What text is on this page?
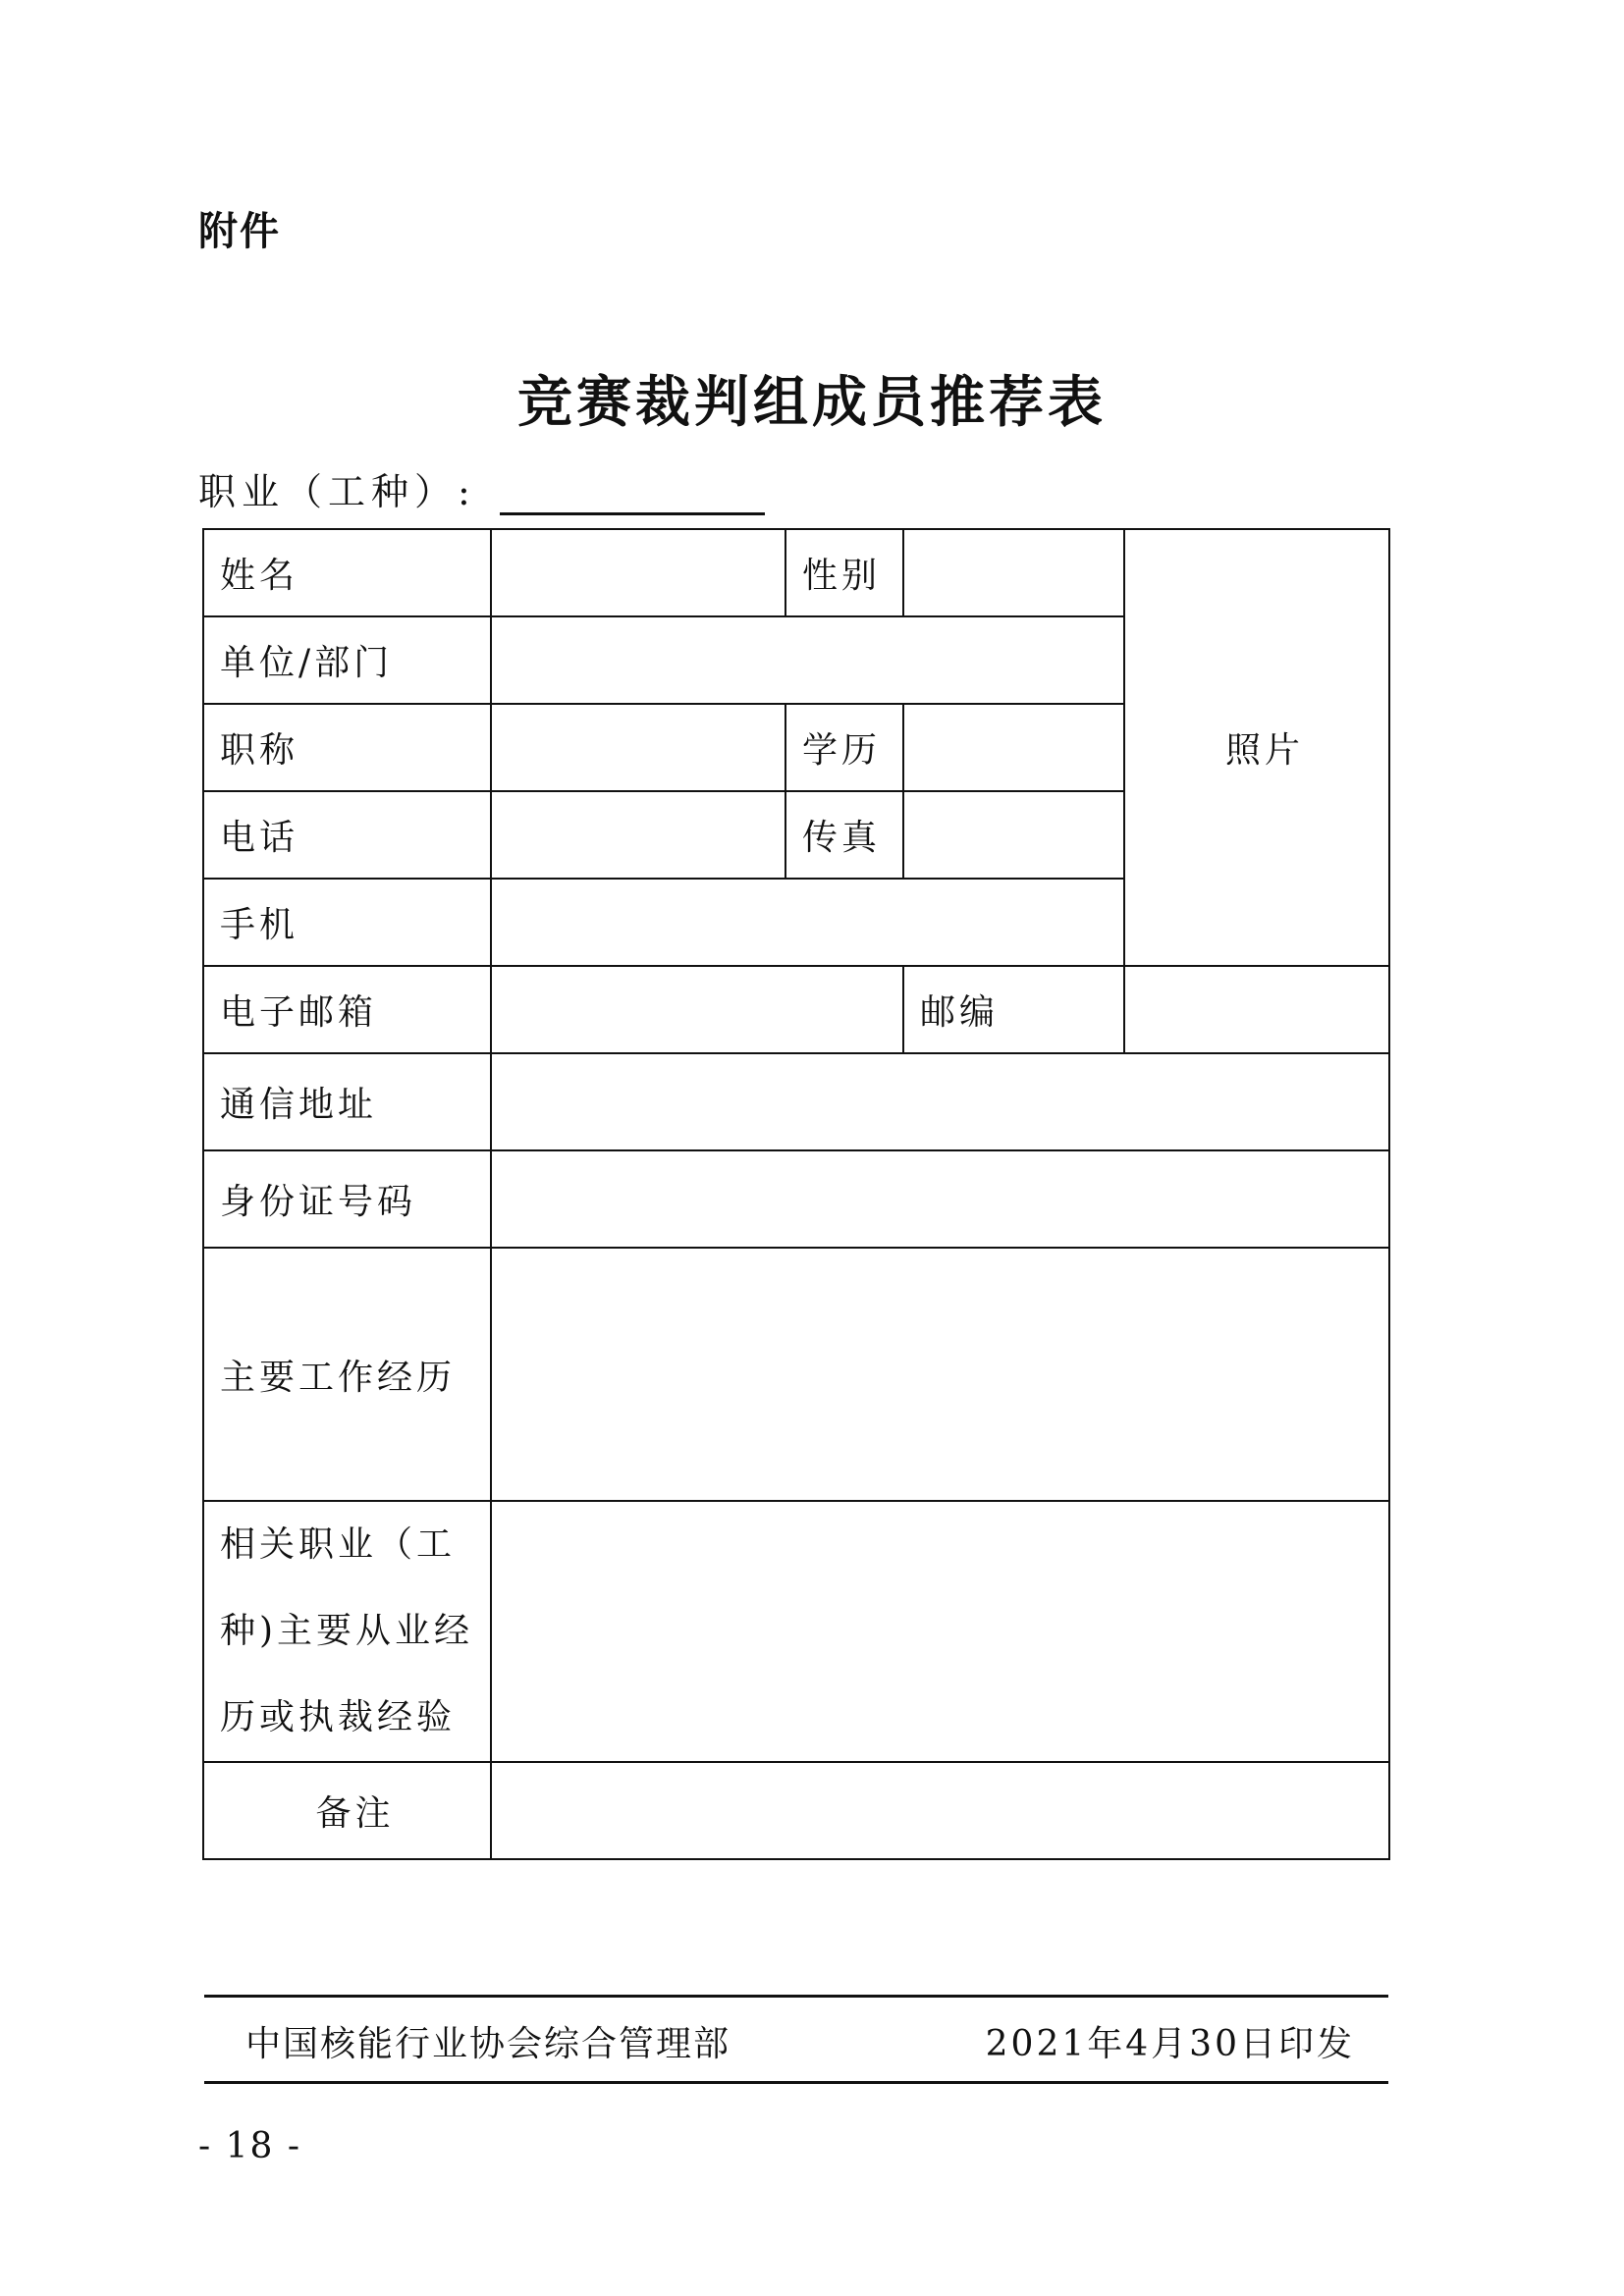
附件
竞赛裁判组成员推荐表
职业（工种）:
姓名		性别		照片
单位/部门				
职称		学历		
电话		传真		
手机				
电子邮箱			邮编	
通信地址				
身份证号码				
主要工作经历				
相关职业（工种)主要从业经历或执裁经验				
备注				
中国核能行业协会综合管理部	2021年4月30日印发
- 18 -
